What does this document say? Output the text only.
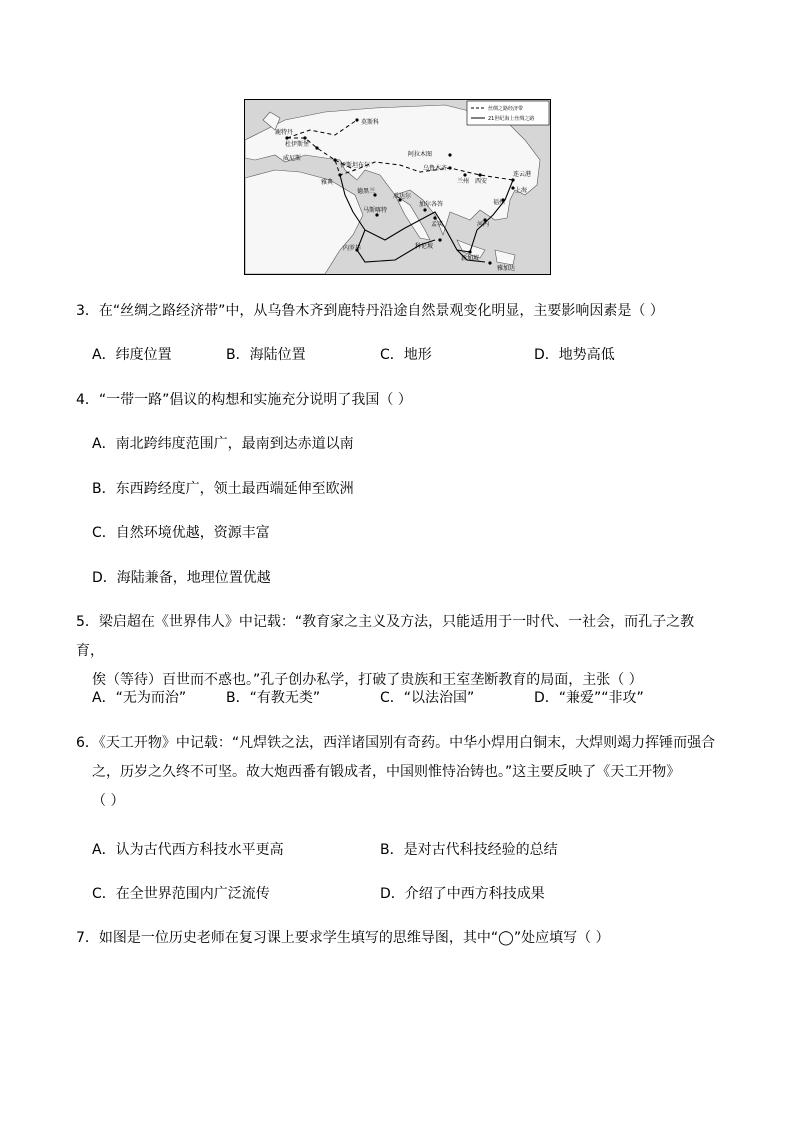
丝绸之路经济带
21世纪海上丝绸之路
莫斯科
鹿特丹
杜伊斯堡
威尼斯
伊斯坦布尔
雅典
阿拉木图
乌鲁木齐
兰州 西安
连云港
上海
福州
德黑兰
瓜达尔
加尔各答
孟买
马斯喀特
内罗毕	科伦坡
河内
新加坡
雅加达
3．在“丝绸之路经济带”中，从乌鲁木齐到鹿特丹沿途自然景观变化明显，主要影响因素是（ ）
A．纬度位置	B．海陆位置	C．地形	D．地势高低
4．“一带一路”倡议的构想和实施充分说明了我国（ ）
A．南北跨纬度范围广，最南到达赤道以南
B．东西跨经度广，领土最西端延伸至欧洲
C．自然环境优越，资源丰富
D．海陆兼备，地理位置优越
5．梁启超在《世界伟人》中记载：“教育家之主义及方法，只能适用于一时代、一社会，而孔子之教育，
俟（等待）百世而不惑也。”孔子创办私学，打破了贵族和王室垄断教育的局面，主张（ ）
A．“无为而治”	B．“有教无类”	C．“以法治国”	D．“兼爱”“非攻”
6．《天工开物》中记载：“凡焊铁之法，西洋诸国别有奇药。中华小焊用白铜末，大焊则竭力挥锤而强合
之，历岁之久终不可坚。故大炮西番有锻成者，中国则惟恃冶铸也。”这主要反映了《天工开物》
（ ）
A．认为古代西方科技水平更高	B．是对古代科技经验的总结
C．在全世界范围内广泛流传	D．介绍了中西方科技成果
7．如图是一位历史老师在复习课上要求学生填写的思维导图，其中“◯”处应填写（ ）
